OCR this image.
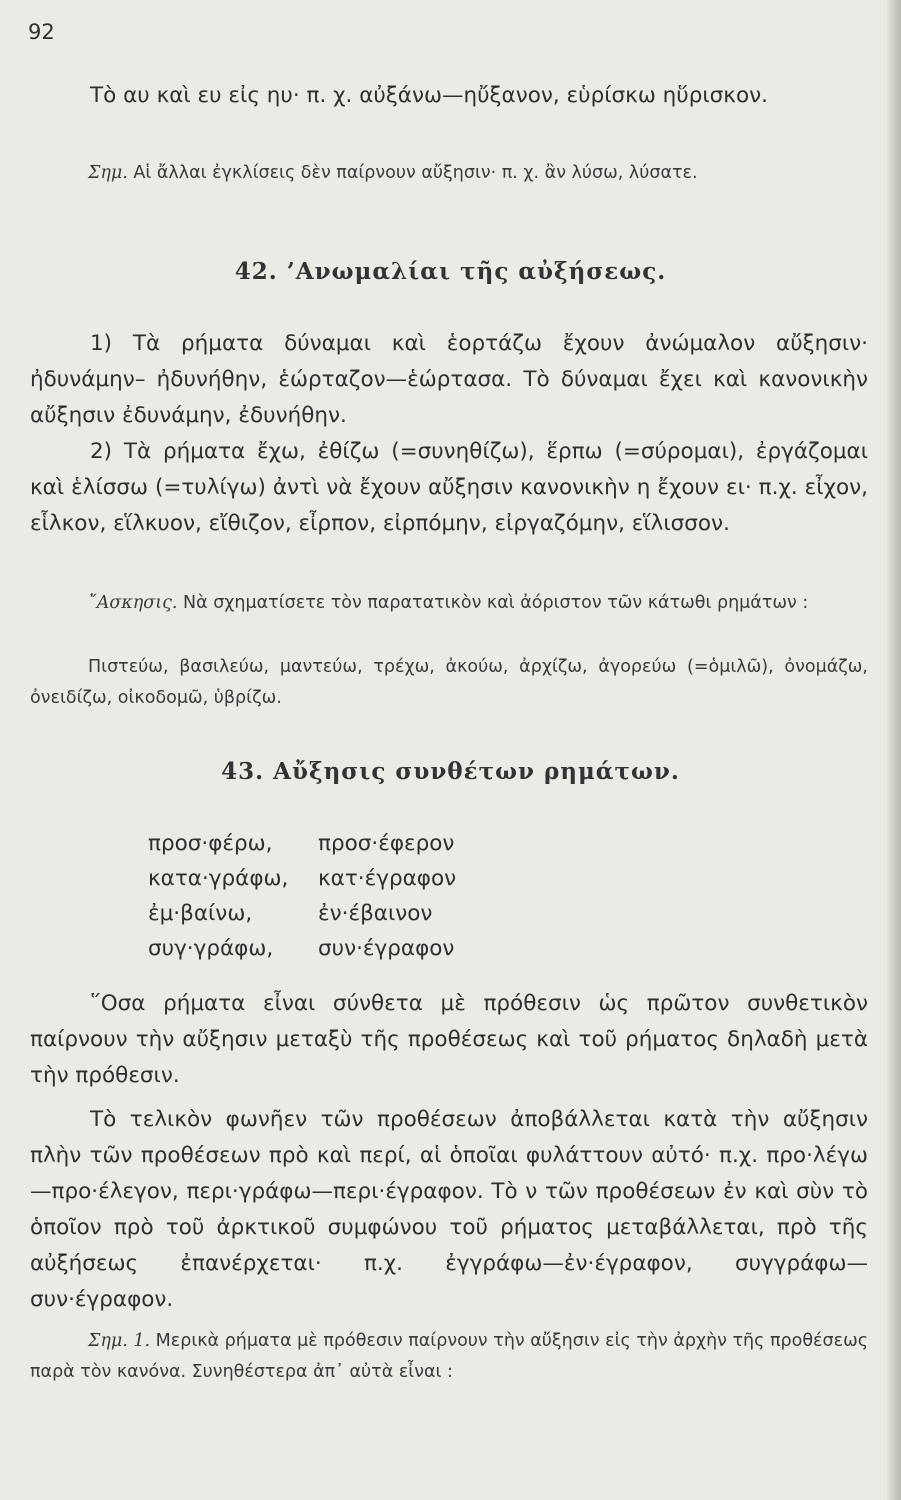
92

Τὸ αυ καὶ ευ εἰς ηυ· π. χ. αὐξάνω—ηὔξανον, εὑρίσκω ηὕρισκον.

Σημ. Αἱ ἄλλαι ἐγκλίσεις δὲν παίρνουν αὔξησιν· π. χ. ἂν λύσω, λύσατε.

42. ’Ανωμαλίαι τῆς αὐξήσεως.

1) Τὰ ρήματα δύναμαι καὶ ἑορτάζω ἔχουν ἀνώμαλον αὔξησιν· ἠδυνάμην– ἠδυνήθην, ἑώρταζον—ἑώρτασα. Τὸ δύναμαι ἔχει καὶ κανονικὴν αὔξησιν ἐδυνάμην, ἐδυνήθην.

2) Τὰ ρήματα ἔχω, ἐθίζω (=συνηθίζω), ἕρπω (=σύρομαι), ἐργάζομαι καὶ ἑλίσσω (=τυλίγω) ἀντὶ νὰ ἔχουν αὔξησιν κανονικὴν η ἔχουν ει· π.χ. εἶχον, εἷλκον, εἵλκυον, εἴθιζον, εἶρπον, εἰρπόμην, εἰργαζόμην, εἵλισσον.

῎Ασκησις. Νὰ σχηματίσετε τὸν παρατατικὸν καὶ ἀόριστον τῶν κάτωθι ρημάτων :

Πιστεύω, βασιλεύω, μαντεύω, τρέχω, ἀκούω, ἀρχίζω, ἀγορεύω (=ὁμιλῶ), ὀνομάζω, ὀνειδίζω, οἰκοδομῶ, ὑβρίζω.

43. Αὔξησις συνθέτων ρημάτων.
προσ·φέρω,	προσ·έφερον
κατα·γράφω,	κατ·έγραφον
ἐμ·βαίνω,	ἐν·έβαινον
συγ·γράφω,	συν·έγραφον

῞Οσα ρήματα εἶναι σύνθετα μὲ πρόθεσιν ὡς πρῶτον συνθετικὸν παίρνουν τὴν αὔξησιν μεταξὺ τῆς προθέσεως καὶ τοῦ ρήματος δηλαδὴ μετὰ τὴν πρόθεσιν.

Τὸ τελικὸν φωνῆεν τῶν προθέσεων ἀποβάλλεται κατὰ τὴν αὔξησιν πλὴν τῶν προθέσεων πρὸ καὶ περί, αἱ ὁποῖαι φυλάττουν αὐτό· π.χ. προ·λέγω—προ·έλεγον, περι·γράφω—περι·έγραφον. Τὸ ν τῶν προθέσεων ἐν καὶ σὺν τὸ ὁποῖον πρὸ τοῦ ἀρκτικοῦ συμφώνου τοῦ ρήματος μεταβάλλεται, πρὸ τῆς αὐξήσεως ἐπανέρχεται· π.χ. ἐγγράφω—ἐν·έγραφον, συγγράφω—συν·έγραφον.

Σημ. 1. Μερικὰ ρήματα μὲ πρόθεσιν παίρνουν τὴν αὔξησιν εἰς τὴν ἀρχὴν τῆς προθέσεως παρὰ τὸν κανόνα. Συνηθέστερα ἀπ᾿ αὐτὰ εἶναι :
